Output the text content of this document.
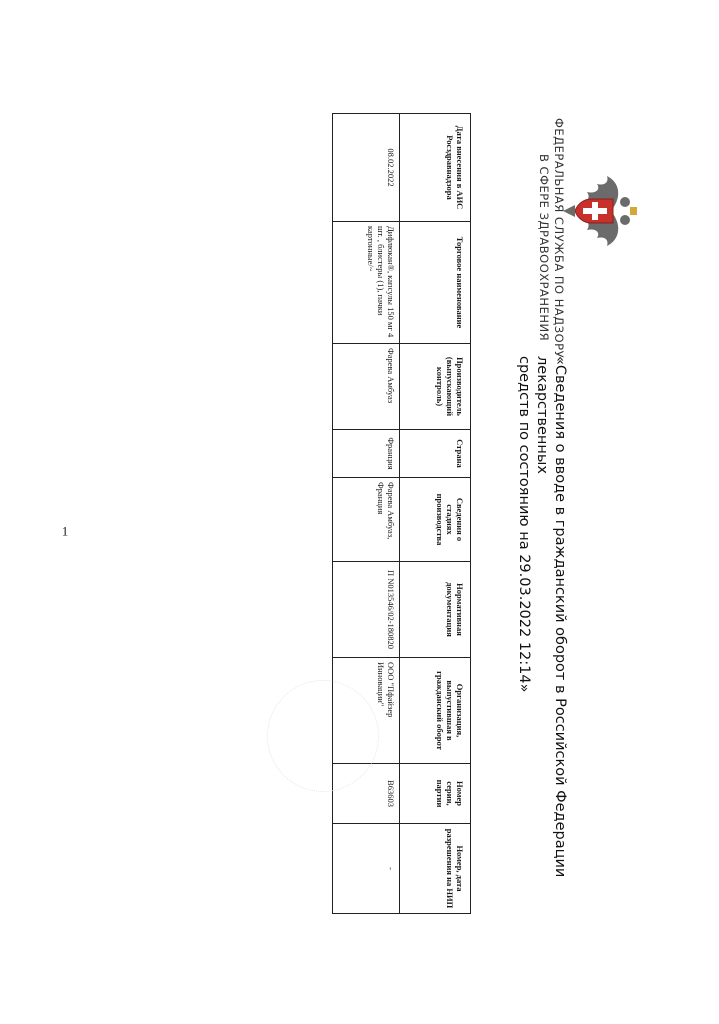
ФЕДЕРАЛЬНАЯ СЛУЖБА ПО НАДЗОРУ
В СФЕРЕ ЗДРАВООХРАНЕНИЯ
«Сведения о вводе в гражданский оборот в Российской Федерации лекарственных
средств по состоянию на 29.03.2022 12:14»
Дата внесения в АИС Росздравнадзора	Торговое наименование	Производитель (выпускающий контроль)	Страна	Сведения о стадиях производства	Нормативная документация	Организация, выпустившая в гражданский оборот	Номер серии, партии	Номер, дата разрешения на НИП
08.02.2022	Дифлюкан®, капсулы 150 мг 4 шт. , блистеры (1), пачки картонные/~	Фарева Амбуаз	Франция	Фарева Амбуаз, Франция	П N013546/02-180820	ООО "Пфайзер Инновации"	В63603	-
1
